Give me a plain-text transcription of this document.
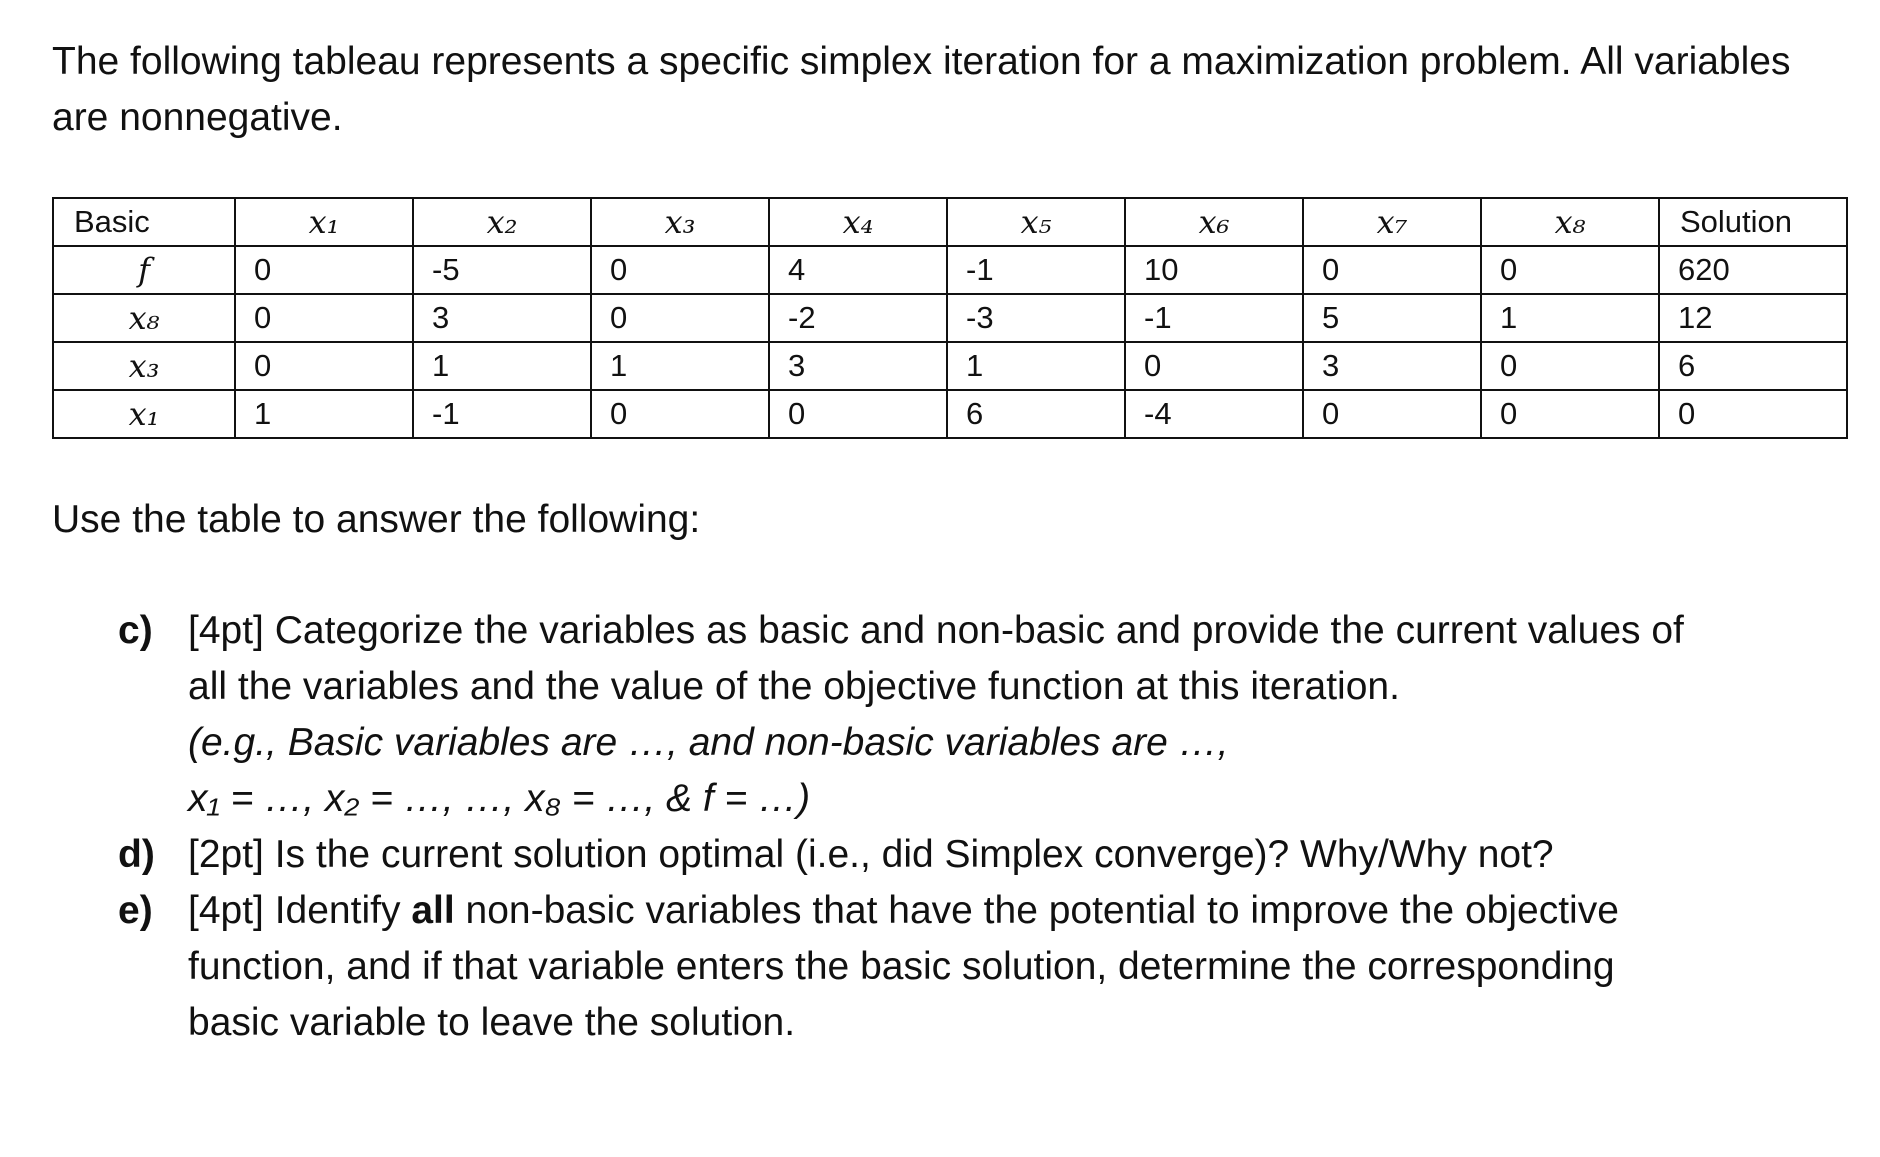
The following tableau represents a specific simplex iteration for a maximization problem. All variables are nonnegative.
Basic	x₁	x₂	x₃	x₄	x₅	x₆	x₇	x₈	Solution
f	0	-5	0	4	-1	10	0	0	620
x₈	0	3	0	-2	-3	-1	5	1	12
x₃	0	1	1	3	1	0	3	0	6
x₁	1	-1	0	0	6	-4	0	0	0
Use the table to answer the following:
c) [4pt] Categorize the variables as basic and non-basic and provide the current values of
all the variables and the value of the objective function at this iteration.
(e.g., Basic variables are …, and non-basic variables are …,
x₁ = …, x₂ = …, …, x₈ = …, & f = …)
d) [2pt] Is the current solution optimal (i.e., did Simplex converge)? Why/Why not?
e) [4pt] Identify all non-basic variables that have the potential to improve the objective
function, and if that variable enters the basic solution, determine the corresponding
basic variable to leave the solution.
